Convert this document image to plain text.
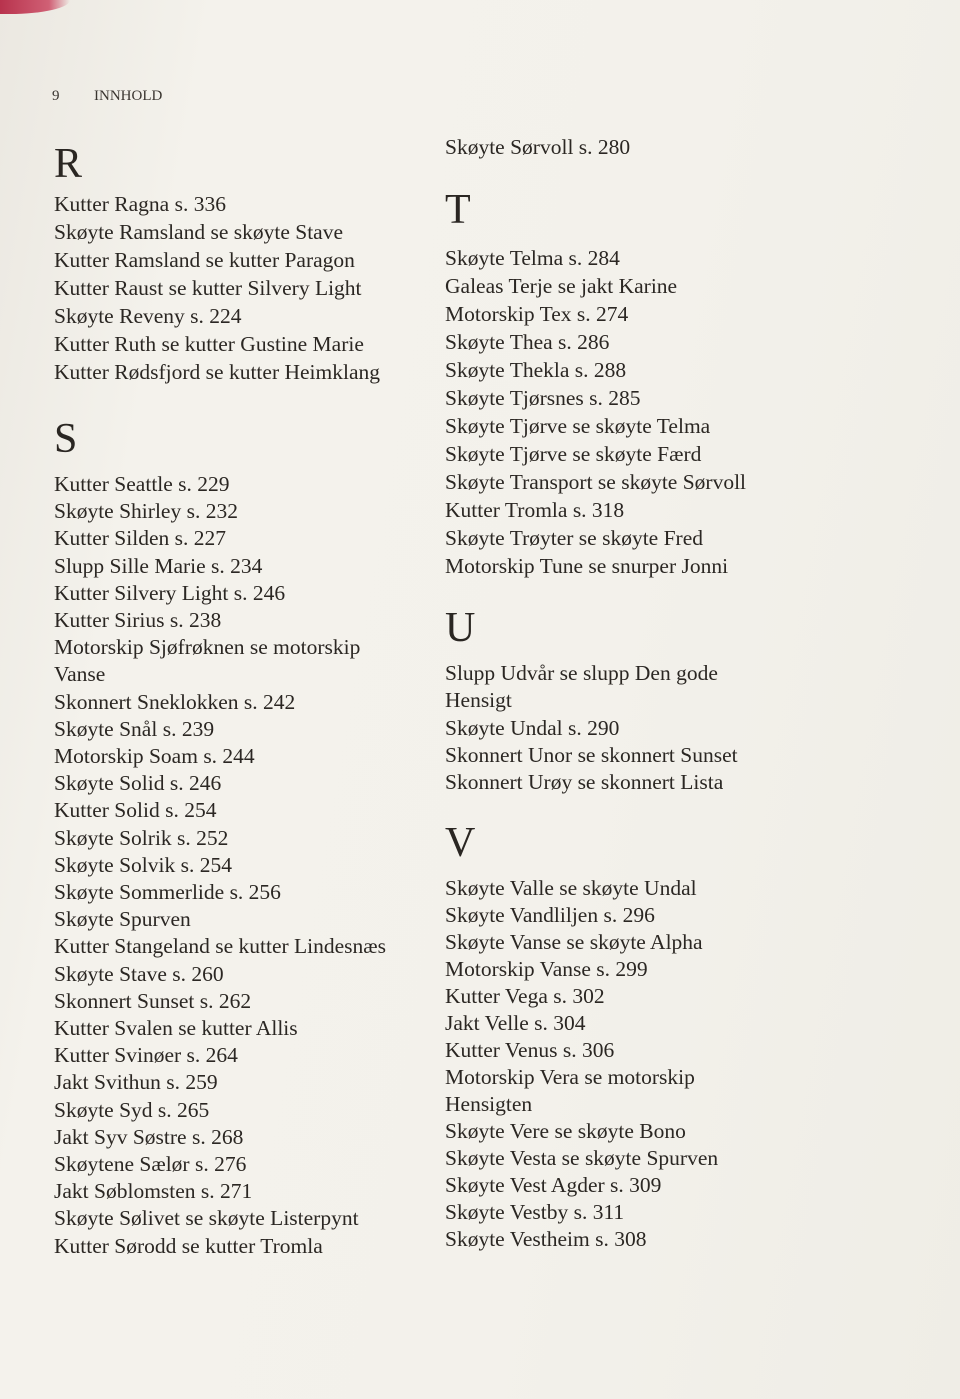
9 INNHOLD
R
Kutter Ragna s. 336
Skøyte Ramsland se skøyte Stave
Kutter Ramsland se kutter Paragon
Kutter Raust se kutter Silvery Light
Skøyte Reveny s. 224
Kutter Ruth se kutter Gustine Marie
Kutter Rødsfjord se kutter Heimklang
S
Kutter Seattle s. 229
Skøyte Shirley s. 232
Kutter Silden s. 227
Slupp Sille Marie s. 234
Kutter Silvery Light s. 246
Kutter Sirius s. 238
Motorskip Sjøfrøknen se motorskip
Vanse
Skonnert Sneklokken s. 242
Skøyte Snål s. 239
Motorskip Soam s. 244
Skøyte Solid s. 246
Kutter Solid s. 254
Skøyte Solrik s. 252
Skøyte Solvik s. 254
Skøyte Sommerlide s. 256
Skøyte Spurven
Kutter Stangeland se kutter Lindesnæs
Skøyte Stave s. 260
Skonnert Sunset s. 262
Kutter Svalen se kutter Allis
Kutter Svinøer s. 264
Jakt Svithun s. 259
Skøyte Syd s. 265
Jakt Syv Søstre s. 268
Skøytene Sælør s. 276
Jakt Søblomsten s. 271
Skøyte Sølivet se skøyte Listerpynt
Kutter Sørodd se kutter Tromla
Skøyte Sørvoll s. 280
T
Skøyte Telma s. 284
Galeas Terje se jakt Karine
Motorskip Tex s. 274
Skøyte Thea s. 286
Skøyte Thekla s. 288
Skøyte Tjørsnes s. 285
Skøyte Tjørve se skøyte Telma
Skøyte Tjørve se skøyte Færd
Skøyte Transport se skøyte Sørvoll
Kutter Tromla s. 318
Skøyte Trøyter se skøyte Fred
Motorskip Tune se snurper Jonni
U
Slupp Udvår se slupp Den gode
Hensigt
Skøyte Undal s. 290
Skonnert Unor se skonnert Sunset
Skonnert Urøy se skonnert Lista
V
Skøyte Valle se skøyte Undal
Skøyte Vandliljen s. 296
Skøyte Vanse se skøyte Alpha
Motorskip Vanse s. 299
Kutter Vega s. 302
Jakt Velle s. 304
Kutter Venus s. 306
Motorskip Vera se motorskip
Hensigten
Skøyte Vere se skøyte Bono
Skøyte Vesta se skøyte Spurven
Skøyte Vest Agder s. 309
Skøyte Vestby s. 311
Skøyte Vestheim s. 308
